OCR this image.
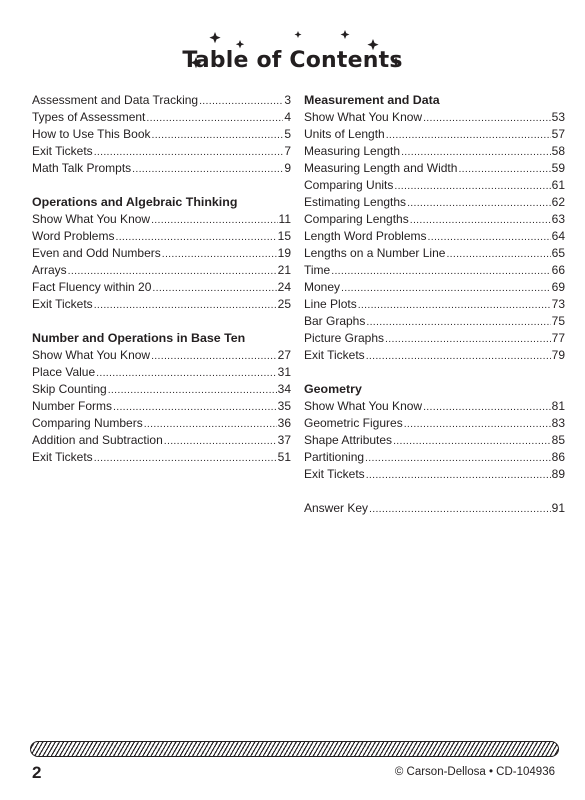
Table of Contents
Assessment and Data Tracking .....	3
Types of Assessment .....	4
How to Use This Book .....	5
Exit Tickets .....	7
Math Talk Prompts .....	9
Operations and Algebraic Thinking
Show What You Know .....	11
Word Problems .....	15
Even and Odd Numbers .....	19
Arrays .....	21
Fact Fluency within 20 .....	24
Exit Tickets .....	25
Number and Operations in Base Ten
Show What You Know .....	27
Place Value .....	31
Skip Counting .....	34
Number Forms .....	35
Comparing Numbers .....	36
Addition and Subtraction .....	37
Exit Tickets .....	51
Measurement and Data
Show What You Know .....	53
Units of Length .....	57
Measuring Length .....	58
Measuring Length and Width .....	59
Comparing Units .....	61
Estimating Lengths .....	62
Comparing Lengths .....	63
Length Word Problems .....	64
Lengths on a Number Line .....	65
Time .....	66
Money .....	69
Line Plots .....	73
Bar Graphs .....	75
Picture Graphs .....	77
Exit Tickets .....	79
Geometry
Show What You Know .....	81
Geometric Figures .....	83
Shape Attributes .....	85
Partitioning .....	86
Exit Tickets .....	89
Answer Key .....	91
2	© Carson-Dellosa • CD-104936
